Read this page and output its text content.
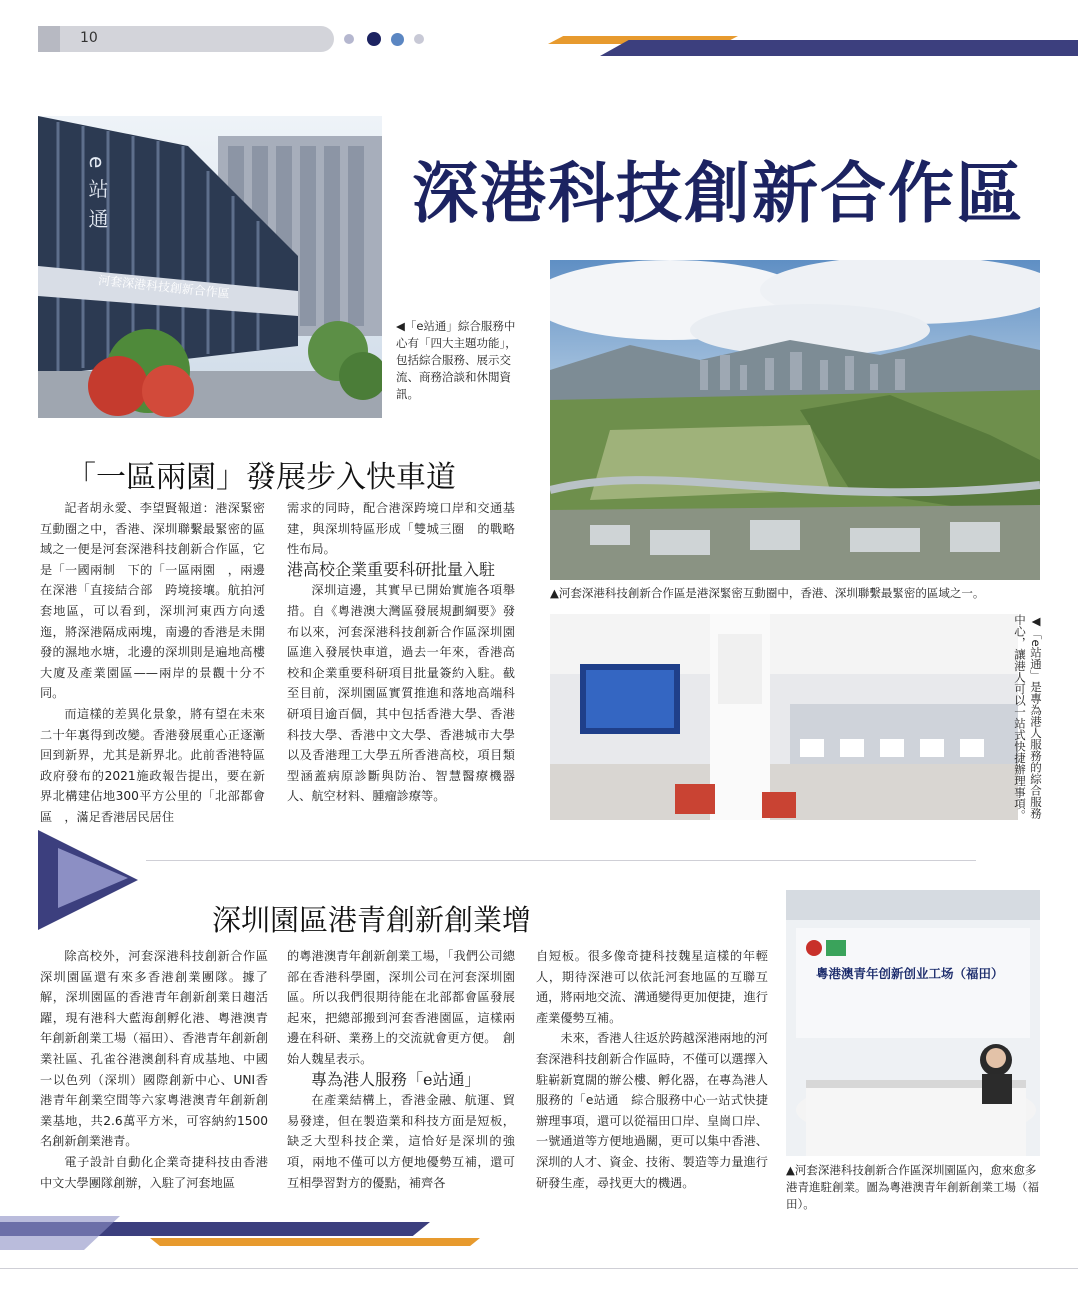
10
深港科技創新合作區
e站通
河套深港科技創新合作區
◀「e站通」綜合服務中心有「四大主題功能」，包括綜合服務、展示交流、商務洽談和休閒資訊。
▲河套深港科技創新合作區是港深緊密互動圈中，香港、深圳聯繫最緊密的區域之一。
◀「e站通」是專為港人服務的綜合服務中心，讓港人可以一站式快捷辦理事項。
「一區兩園」發展步入快車道

記者胡永愛、李望賢報道：港深緊密互動圈之中，香港、深圳聯繫最緊密的區域之一便是河套深港科技創新合作區，它是「一國兩制　下的「一區兩園　，兩邊在深港「直接結合部　跨境接壤。航拍河套地區，可以看到，深圳河東西方向逶迤，將深港隔成兩塊，南邊的香港是未開發的濕地水塘，北邊的深圳則是遍地高樓大廈及產業園區——兩岸的景觀十分不同。

而這樣的差異化景象，將有望在未來二十年裏得到改變。香港發展重心正逐漸回到新界，尤其是新界北。此前香港特區政府發布的2021施政報告提出，要在新界北構建佔地300平方公里的「北部都會區　，滿足香港居民居住

需求的同時，配合港深跨境口岸和交通基建，與深圳特區形成「雙城三圈　的戰略性布局。

港高校企業重要科研批量入駐

深圳這邊，其實早已開始實施各項舉措。自《粵港澳大灣區發展規劃綱要》發布以來，河套深港科技創新合作區深圳園區進入發展快車道，過去一年來，香港高校和企業重要科研項目批量簽約入駐。截至目前，深圳園區實質推進和落地高端科研項目逾百個，其中包括香港大學、香港科技大學、香港中文大學、香港城市大學以及香港理工大學五所香港高校，項目類型涵蓋病原診斷與防治、智慧醫療機器人、航空材料、腫瘤診療等。

深圳園區港青創新創業增

除高校外，河套深港科技創新合作區深圳園區還有來多香港創業團隊。據了解，深圳園區的香港青年創新創業日趨活躍，現有港科大藍海創孵化港、粵港澳青年創新創業工場（福田）、香港青年創新創業社區、孔雀谷港澳創科育成基地、中國一以色列（深圳）國際創新中心、UNI香港青年創業空間等六家粵港澳青年創新創業基地，共2.6萬平方米，可容納約1500名創新創業港青。

電子設計自動化企業奇捷科技由香港中文大學團隊創辦，入駐了河套地區

的粵港澳青年創新創業工場，「我們公司總部在香港科學園，深圳公司在河套深圳園區。所以我們很期待能在北部都會區發展起來，把總部搬到河套香港園區，這樣兩邊在科研、業務上的交流就會更方便。　創始人魏星表示。

專為港人服務「e站通」

在產業結構上，香港金融、航運、貿易發達，但在製造業和科技方面是短板，缺乏大型科技企業，這恰好是深圳的強項，兩地不僅可以方便地優勢互補，還可互相學習對方的優點，補齊各

自短板。很多像奇捷科技魏星這樣的年輕人，期待深港可以依託河套地區的互聯互通，將兩地交流、溝通變得更加便捷，進行產業優勢互補。

未來，香港人往返於跨越深港兩地的河套深港科技創新合作區時，不僅可以選擇入駐嶄新寬闊的辦公樓、孵化器，在專為港人服務的「e站通　綜合服務中心一站式快捷辦理事項，還可以從福田口岸、皇崗口岸、一號通道等方便地過關，更可以集中香港、深圳的人才、資金、技術、製造等力量進行研發生產，尋找更大的機遇。

粵港澳青年创新创业工场（福田）
▲河套深港科技創新合作區深圳園區內，愈來愈多港青進駐創業。圖為粵港澳青年創新創業工場（福田）。
